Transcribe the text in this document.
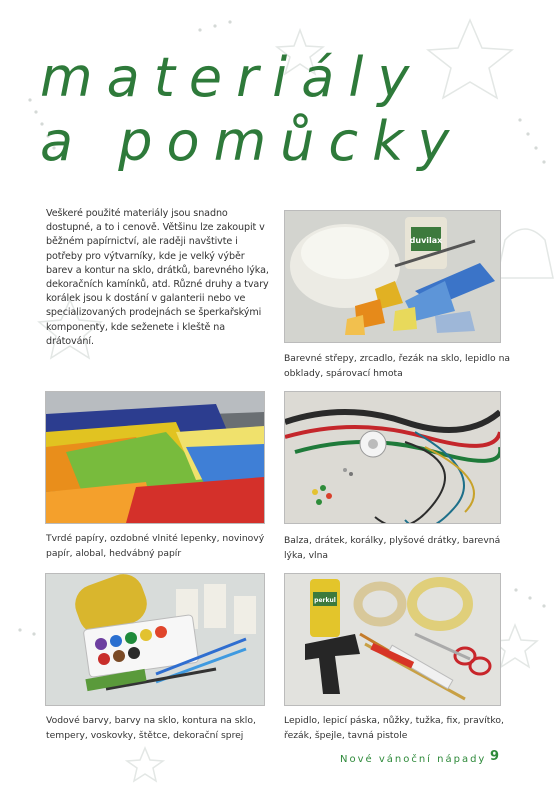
materiály
a pomůcky
Veškeré použité materiály jsou snadno dostupné, a to i cenově. Většinu lze zakoupit v běžném papírnictví, ale raději navštivte i potřeby pro výtvarníky, kde je velký výběr barev a kontur na sklo, drátků, barevného lýka, dekoračních kamínků, atd. Různé druhy a tvary korálek jsou k dostání v galanterii nebo ve specializovaných prodejnách se šperkařskými komponenty, kde seženete i kleště na drátování.
duvilax
Barevné střepy, zrcadlo, řezák na sklo, lepidlo na obklady, spárovací hmota
Tvrdé papíry, ozdobné vlnité lepenky, novinový papír, alobal, hedvábný papír
Balza, drátek, korálky, plyšové drátky, barevná lýka, vlna
Vodové barvy, barvy na sklo, kontura na sklo, tempery, voskovky, štětce, dekorační sprej
perkul
Lepidlo, lepicí páska, nůžky, tužka, fix, pravítko, řezák, špejle, tavná pistole
Nové vánoční nápady 9
